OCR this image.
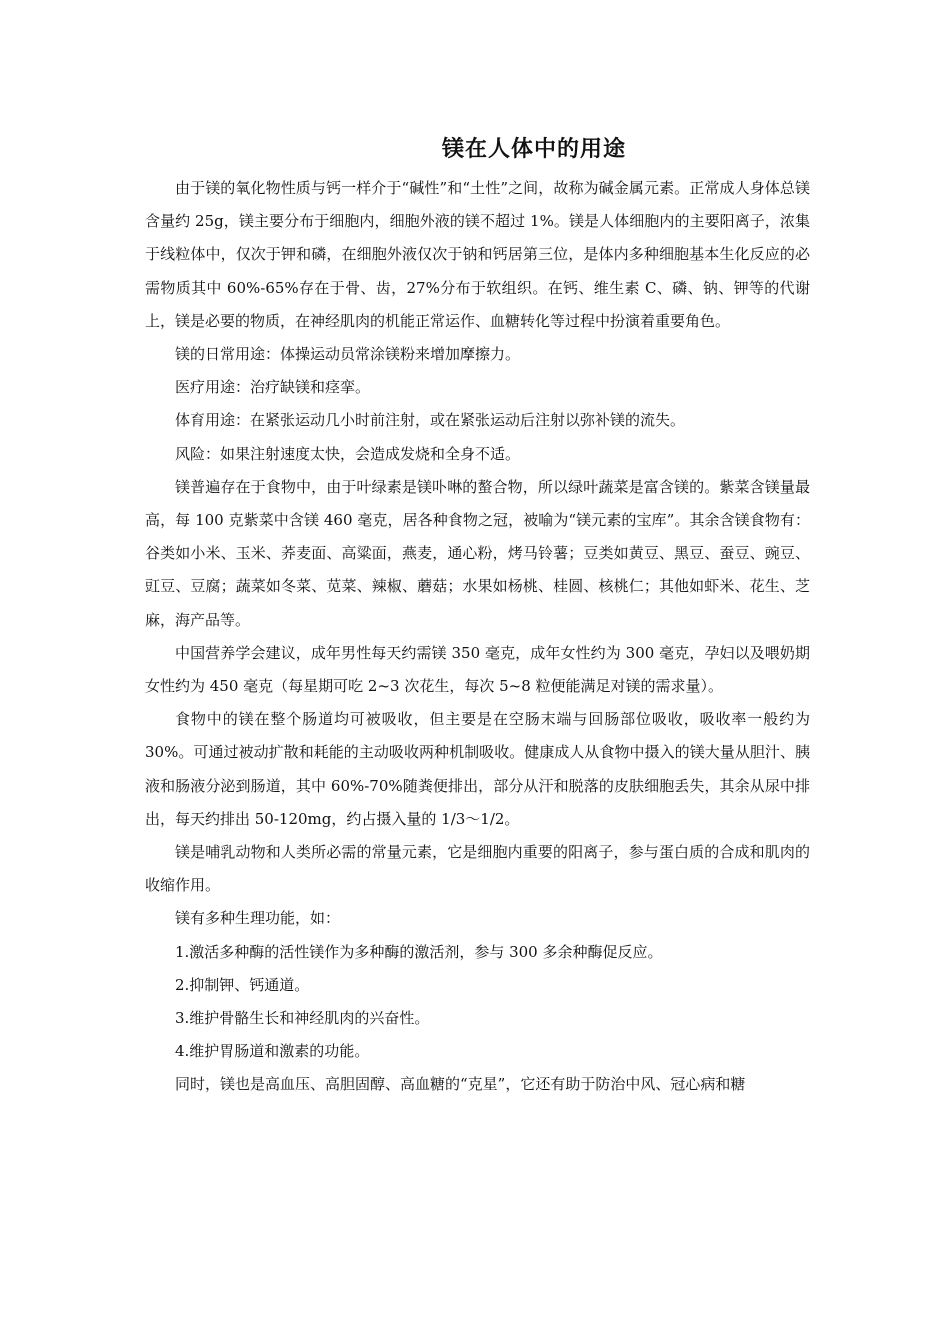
镁在人体中的用途

由于镁的氧化物性质与钙一样介于“碱性”和“土性”之间，故称为碱金属元素。正常成人身体总镁含量约 25g，镁主要分布于细胞内，细胞外液的镁不超过 1%。镁是人体细胞内的主要阳离子，浓集于线粒体中，仅次于钾和磷，在细胞外液仅次于钠和钙居第三位，是体内多种细胞基本生化反应的必需物质其中 60%-65%存在于骨、齿，27%分布于软组织。在钙、维生素 C、磷、钠、钾等的代谢上，镁是必要的物质，在神经肌肉的机能正常运作、血糖转化等过程中扮演着重要角色。

镁的日常用途：体操运动员常涂镁粉来增加摩擦力。

医疗用途：治疗缺镁和痉挛。

体育用途：在紧张运动几小时前注射，或在紧张运动后注射以弥补镁的流失。

风险：如果注射速度太快，会造成发烧和全身不适。

镁普遍存在于食物中，由于叶绿素是镁卟啉的螯合物，所以绿叶蔬菜是富含镁的。紫菜含镁量最高，每 100 克紫菜中含镁 460 毫克，居各种食物之冠，被喻为“镁元素的宝库”。其余含镁食物有：谷类如小米、玉米、荞麦面、高粱面，燕麦，通心粉，烤马铃薯；豆类如黄豆、黑豆、蚕豆、豌豆、豇豆、豆腐；蔬菜如冬菜、苋菜、辣椒、蘑菇；水果如杨桃、桂圆、核桃仁；其他如虾米、花生、芝麻，海产品等。

中国营养学会建议，成年男性每天约需镁 350 毫克，成年女性约为 300 毫克，孕妇以及喂奶期女性约为 450 毫克（每星期可吃 2~3 次花生，每次 5~8 粒便能满足对镁的需求量）。

食物中的镁在整个肠道均可被吸收，但主要是在空肠末端与回肠部位吸收，吸收率一般约为 30%。可通过被动扩散和耗能的主动吸收两种机制吸收。健康成人从食物中摄入的镁大量从胆汁、胰液和肠液分泌到肠道，其中 60%-70%随粪便排出，部分从汗和脱落的皮肤细胞丢失，其余从尿中排出，每天约排出 50-120mg，约占摄入量的 1/3～1/2。

镁是哺乳动物和人类所必需的常量元素，它是细胞内重要的阳离子，参与蛋白质的合成和肌肉的收缩作用。

镁有多种生理功能，如：

1.激活多种酶的活性镁作为多种酶的激活剂，参与 300 多余种酶促反应。

2.抑制钾、钙通道。

3.维护骨骼生长和神经肌肉的兴奋性。

4.维护胃肠道和激素的功能。

同时，镁也是高血压、高胆固醇、高血糖的“克星”，它还有助于防治中风、冠心病和糖
